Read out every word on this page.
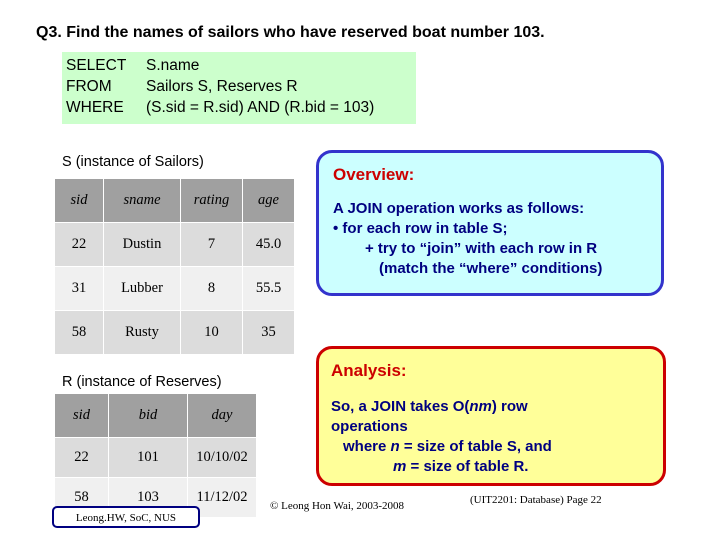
Q3. Find the names of sailors who have reserved boat number 103.
SELECT	S.name
FROM	Sailors S, Reserves R
WHERE	(S.sid = R.sid) AND (R.bid = 103)
S (instance of Sailors)
sid	sname	rating	age
22	Dustin	7	45.0
31	Lubber	8	55.5
58	Rusty	10	35
R (instance of Reserves)
sid	bid	day
22	101	10/10/02
58	103	11/12/02
Overview:
A JOIN operation works as follows:
• for each row in table S;
+ try to “join” with each row in R
(match the “where” conditions)
Analysis:
So, a JOIN takes O(nm) row
operations
where n = size of table S, and
m = size of table R.
Leong.HW, SoC, NUS
© Leong Hon Wai, 2003-2008	(UIT2201: Database) Page 22
